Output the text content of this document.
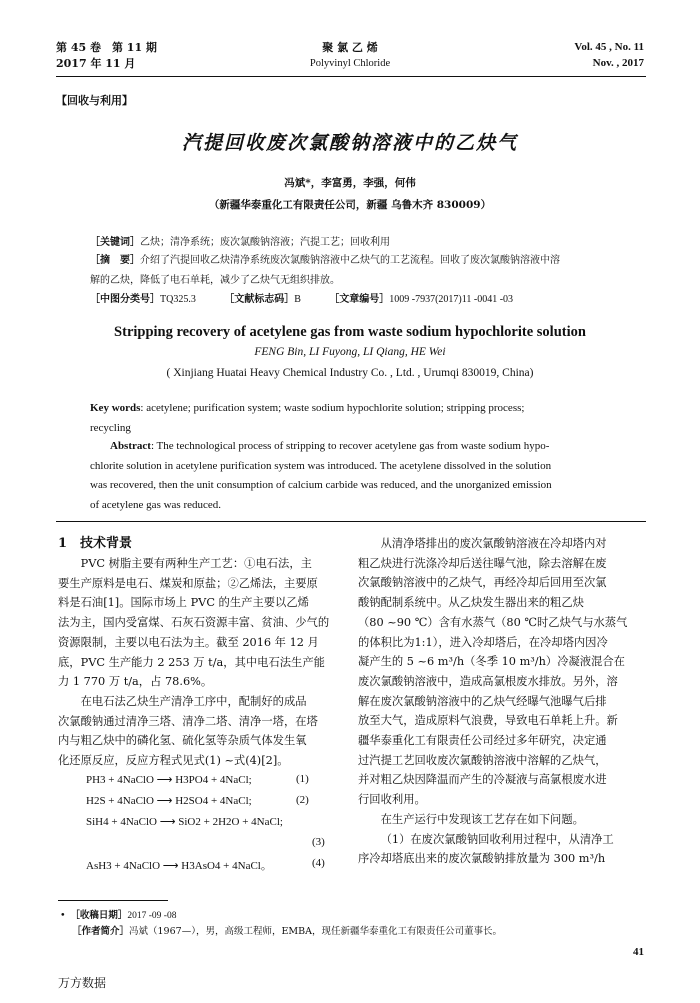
第 45 卷　第 11 期
2017 年 11 月
聚 氯 乙 烯
Polyvinyl Chloride
Vol. 45 , No. 11
Nov. , 2017
【回收与利用】
汽提回收废次氯酸钠溶液中的乙炔气
冯斌*，李富勇，李强，何伟
（新疆华泰重化工有限责任公司，新疆 乌鲁木齐 830009）
［关键词］乙炔；清净系统；废次氯酸钠溶液；汽提工艺；回收利用
［摘　要］介绍了汽提回收乙炔清净系统废次氯酸钠溶液中乙炔气的工艺流程。回收了废次氯酸钠溶液中溶
解的乙炔，降低了电石单耗，减少了乙炔气无组织排放。
［中图分类号］TQ325.3	［文献标志码］B	［文章编号］1009 -7937(2017)11 -0041 -03
Stripping recovery of acetylene gas from waste sodium hypochlorite solution
FENG Bin, LI Fuyong, LI Qiang, HE Wei
( Xinjiang Huatai Heavy Chemical Industry Co. , Ltd. , Urumqi 830019, China)
Key words: acetylene; purification system; waste sodium hypochlorite solution; stripping process;
recycling
Abstract: The technological process of stripping to recover acetylene gas from waste sodium hypo-
chlorite solution in acetylene purification system was introduced. The acetylene dissolved in the solution
was recovered, then the unit consumption of calcium carbide was reduced, and the unorganized emission
of acetylene gas was reduced.
1　技术背景
PVC 树脂主要有两种生产工艺：①电石法，主
要生产原料是电石、煤炭和原盐；②乙烯法，主要原
料是石油[1]。国际市场上 PVC 的生产主要以乙烯
法为主，国内受富煤、石灰石资源丰富、贫油、少气的
资源限制，主要以电石法为主。截至 2016 年 12 月
底，PVC 生产能力 2 253 万 t/a，其中电石法生产能
力 1 770 万 t/a，占 78.6%。
在电石法乙炔生产清净工序中，配制好的成品
次氯酸钠通过清净三塔、清净二塔、清净一塔，在塔
内与粗乙炔中的磷化氢、硫化氢等杂质气体发生氧
化还原反应，反应方程式见式(1) ~式(4)[2]。
PH3 + 4NaClO ⟶ H3PO4 + 4NaCl;	(1)
H2S + 4NaClO ⟶ H2SO4 + 4NaCl;	(2)
SiH4 + 4NaClO ⟶ SiO2 + 2H2O + 4NaCl;
(3)
AsH3 + 4NaClO ⟶ H3AsO4 + 4NaCl。	(4)
从清净塔排出的废次氯酸钠溶液在冷却塔内对
粗乙炔进行洗涤冷却后送往曝气池，除去溶解在废
次氯酸钠溶液中的乙炔气，再经冷却后回用至次氯
酸钠配制系统中。从乙炔发生器出来的粗乙炔
（80 ~90 ℃）含有水蒸气（80 ℃时乙炔气与水蒸气
的体积比为1:1），进入冷却塔后，在冷却塔内因冷
凝产生的 5 ~6 m³/h（冬季 10 m³/h）冷凝液混合在
废次氯酸钠溶液中，造成高氯根废水排放。另外，溶
解在废次氯酸钠溶液中的乙炔气经曝气池曝气后排
放至大气，造成原料气浪费，导致电石单耗上升。新
疆华泰重化工有限责任公司经过多年研究，决定通
过汽提工艺回收废次氯酸钠溶液中溶解的乙炔气，
并对粗乙炔因降温而产生的冷凝液与高氯根废水进
行回收利用。
在生产运行中发现该工艺存在如下问题。
（1）在废次氯酸钠回收利用过程中，从清净工
序冷却塔底出来的废次氯酸钠排放量为 300 m³/h
•　［收稿日期］2017 -09 -08
［作者简介］冯斌（1967—），男，高级工程师，EMBA，现任新疆华泰重化工有限责任公司董事长。
41
万方数据
